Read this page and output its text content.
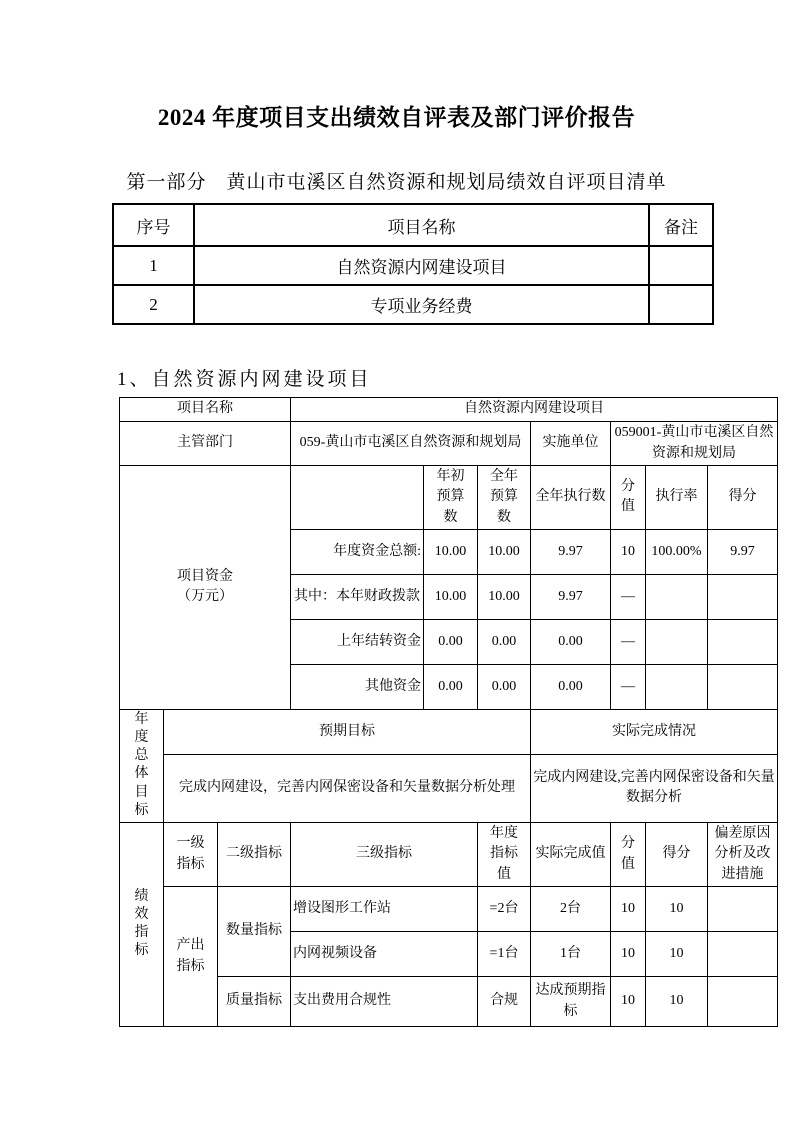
2024 年度项目支出绩效自评表及部门评价报告
第一部分　黄山市屯溪区自然资源和规划局绩效自评项目清单
序号	项目名称	备注
1	自然资源内网建设项目	
2	专项业务经费	
1、自然资源内网建设项目
项目名称			自然资源内网建设项目						
主管部门			059-黄山市屯溪区自然资源和规划局			实施单位	059001-黄山市屯溪区自然资源和规划局		
项目资金
（万元）				年初预算数	全年预算数	全年执行数	分值	执行率	得分
			年度资金总额:	10.00	10.00	9.97	10	100.00%	9.97
			其中：本年财政拨款	10.00	10.00	9.97	—		
			上年结转资金	0.00	0.00	0.00	—		
			其他资金	0.00	0.00	0.00	—		
年度总体目标	预期目标					实际完成情况			
	完成内网建设，完善内网保密设备和矢量数据分析处理					完成内网建设,完善内网保密设备和矢量数据分析			
绩效指标	一级指标	二级指标	三级指标		年度指标值	实际完成值	分值	得分	偏差原因分析及改进措施
	产出指标	数量指标	增设图形工作站		=2台	2台	10	10	
			内网视频设备		=1台	1台	10	10	
		质量指标	支出费用合规性		合规	达成预期指标	10	10	
